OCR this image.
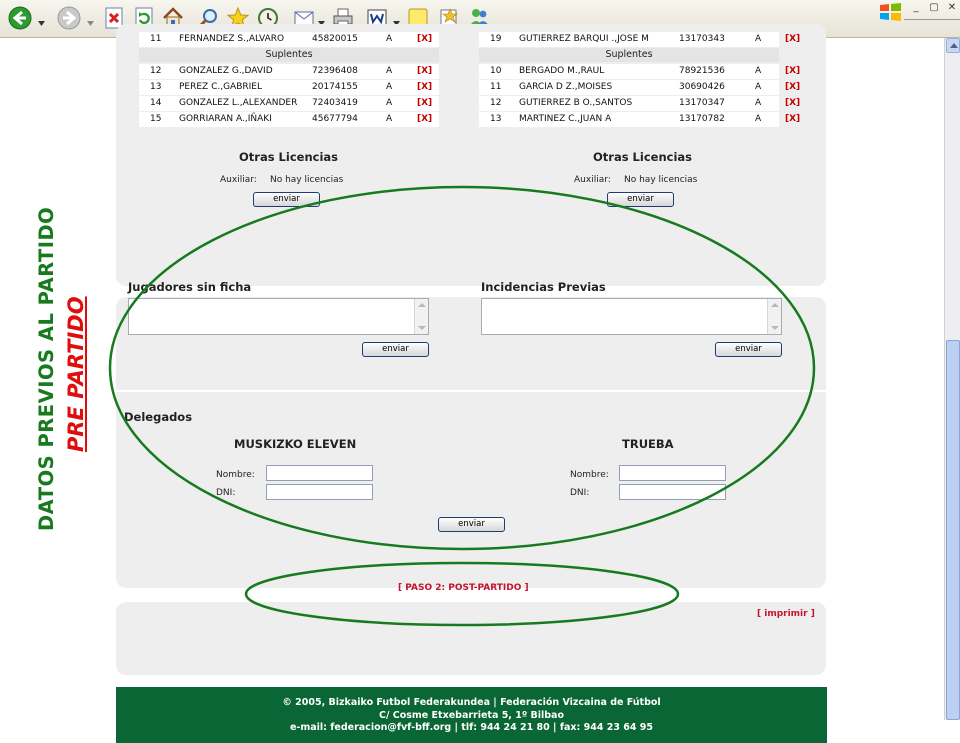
_	▢ ✕
11 FERNANDEZ S.,ALVARO	45820015	A	[X]
Suplentes
12 GONZALEZ G.,DAVID	72396408	A	[X]
13 PEREZ C.,GABRIEL	20174155	A	[X]
14 GONZALEZ L.,ALEXANDER 72403419	A	[X]
15 GORRIARAN A.,IÑAKI	45677794	A	[X]
19 GUTIERREZ BARQUI .,JOSE M	13170343	A	[X]
Suplentes
10 BERGADO M.,RAUL	78921536	A	[X]
11 GARCIA D Z.,MOISES	30690426	A	[X]
12 GUTIERREZ B O.,SANTOS	13170347	A	[X]
13 MARTINEZ C.,JUAN A	13170782	A	[X]
Otras Licencias
Auxiliar: No hay licencias
enviar
Otras Licencias
Auxiliar: No hay licencias
enviar
Jugadores sin ficha
enviar
Incidencias Previas
enviar
Delegados
MUSKIZKO ELEVEN	TRUEBA
Nombre:
DNI:
Nombre:
DNI:
enviar
[ PASO 2: POST-PARTIDO ]
[ imprimir ]
© 2005, Bizkaiko Futbol Federakundea | Federación Vizcaina de Fútbol
C/ Cosme Etxebarrieta 5, 1º Bilbao
e-mail: federacion@fvf-bff.org | tlf: 944 24 21 80 | fax: 944 23 64 95
DATOS PREVIOS AL PARTIDO PRE PARTIDO
